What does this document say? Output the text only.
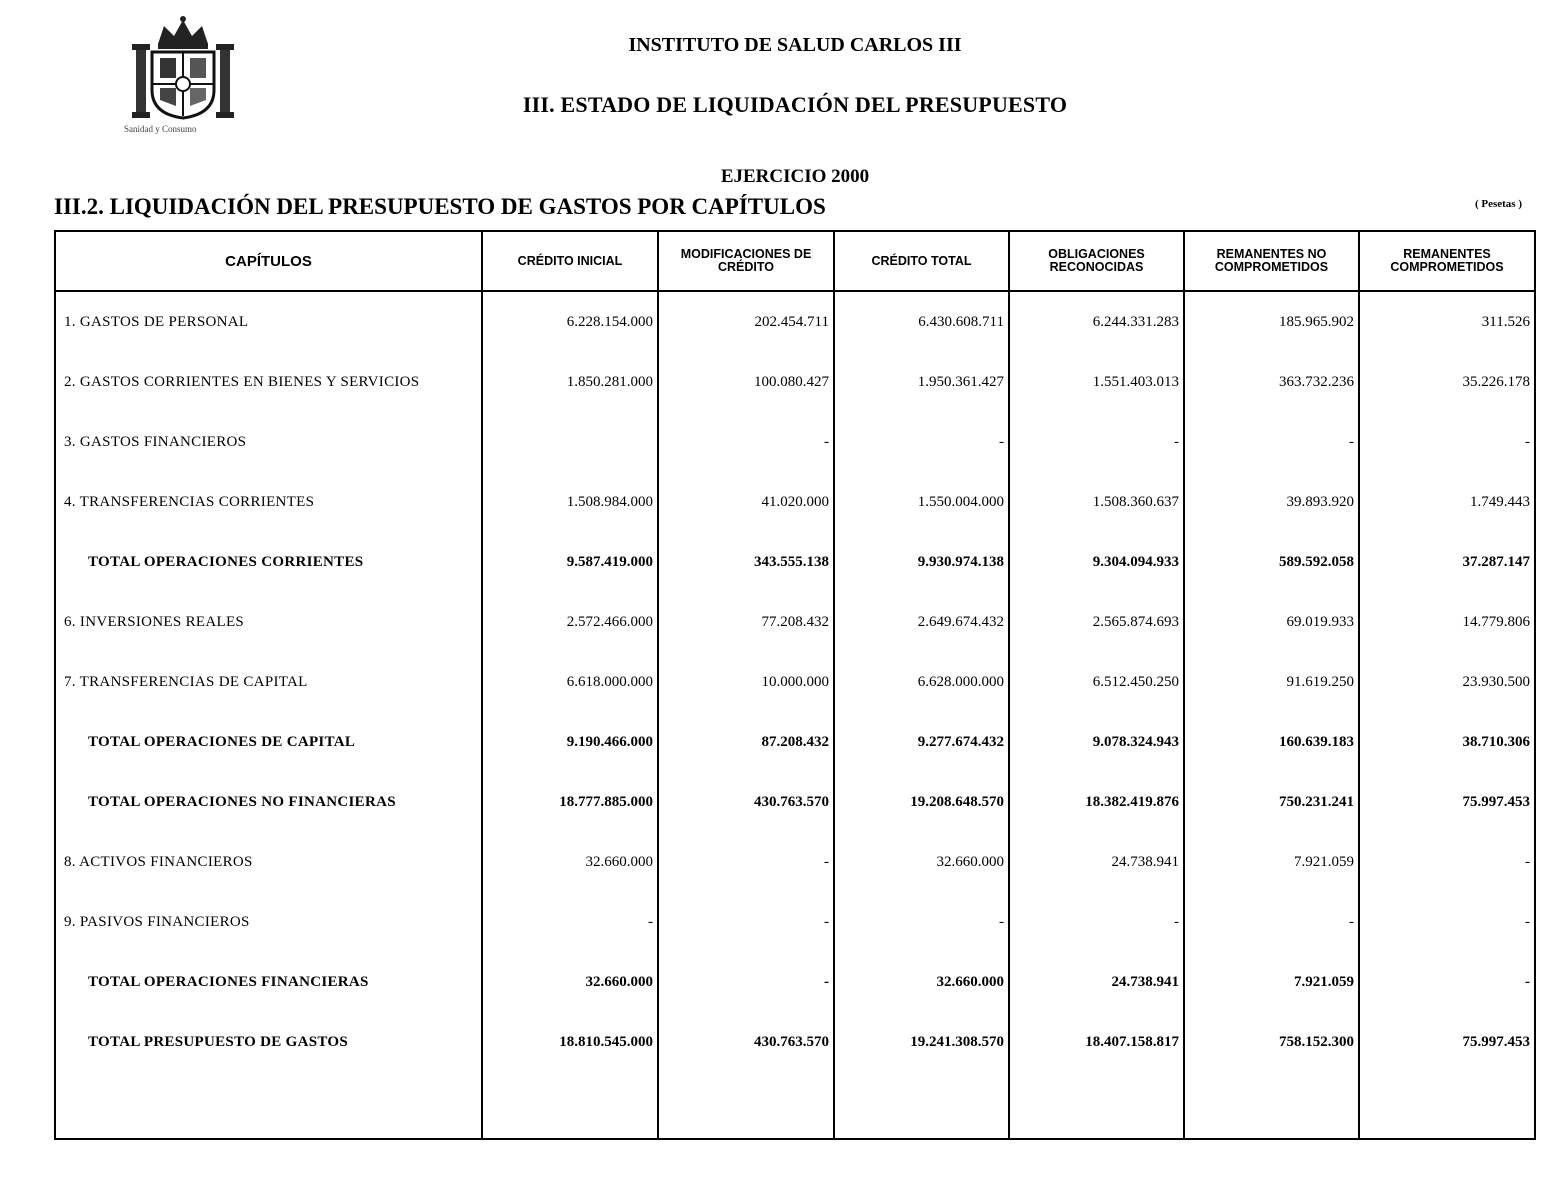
Sanidad y Consumo
INSTITUTO DE SALUD CARLOS III
III. ESTADO DE LIQUIDACIÓN DEL PRESUPUESTO
EJERCICIO 2000
III.2. LIQUIDACIÓN DEL PRESUPUESTO DE GASTOS POR CAPÍTULOS	( Pesetas )
CAPÍTULOS	CRÉDITO INICIAL	MODIFICACIONES DE CRÉDITO	CRÉDITO TOTAL	OBLIGACIONES RECONOCIDAS	REMANENTES NO COMPROMETIDOS	REMANENTES COMPROMETIDOS
1. GASTOS DE PERSONAL	6.228.154.000	202.454.711	6.430.608.711	6.244.331.283	185.965.902	311.526
2. GASTOS CORRIENTES EN BIENES Y SERVICIOS	1.850.281.000	100.080.427	1.950.361.427	1.551.403.013	363.732.236	35.226.178
3. GASTOS FINANCIEROS		-	-	-	-	-
4. TRANSFERENCIAS CORRIENTES	1.508.984.000	41.020.000	1.550.004.000	1.508.360.637	39.893.920	1.749.443
TOTAL OPERACIONES CORRIENTES	9.587.419.000	343.555.138	9.930.974.138	9.304.094.933	589.592.058	37.287.147
6. INVERSIONES REALES	2.572.466.000	77.208.432	2.649.674.432	2.565.874.693	69.019.933	14.779.806
7. TRANSFERENCIAS DE CAPITAL	6.618.000.000	10.000.000	6.628.000.000	6.512.450.250	91.619.250	23.930.500
TOTAL OPERACIONES DE CAPITAL	9.190.466.000	87.208.432	9.277.674.432	9.078.324.943	160.639.183	38.710.306
TOTAL OPERACIONES NO FINANCIERAS	18.777.885.000	430.763.570	19.208.648.570	18.382.419.876	750.231.241	75.997.453
8. ACTIVOS FINANCIEROS	32.660.000	-	32.660.000	24.738.941	7.921.059	-
9. PASIVOS FINANCIEROS	-	-	-	-	-	-
TOTAL OPERACIONES FINANCIERAS	32.660.000	-	32.660.000	24.738.941	7.921.059	-
TOTAL PRESUPUESTO DE GASTOS	18.810.545.000	430.763.570	19.241.308.570	18.407.158.817	758.152.300	75.997.453
